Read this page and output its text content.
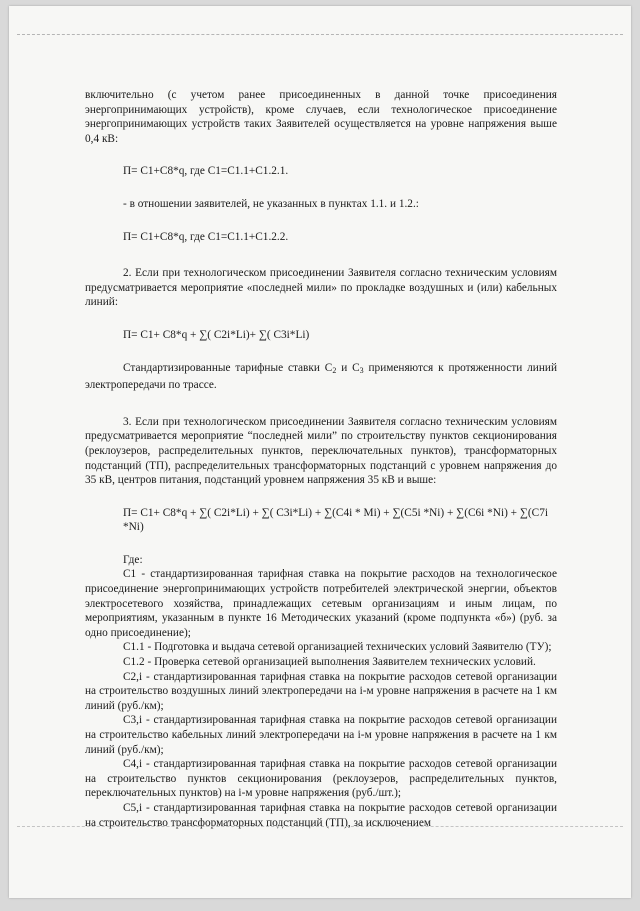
включительно (с учетом ранее присоединенных в данной точке присоединения энергопринимающих устройств), кроме случаев, если технологическое присоединение энергопринимающих устройств таких Заявителей осуществляется на уровне напряжения выше 0,4 кВ:

П= С1+С8*q, где С1=С1.1+С1.2.1.

- в отношении заявителей, не указанных в пунктах 1.1. и 1.2.:

П= С1+С8*q, где С1=С1.1+С1.2.2.

2. Если при технологическом присоединении Заявителя согласно техническим условиям предусматривается мероприятие «последней мили» по прокладке воздушных и (или) кабельных линий:

П= С1+ С8*q + ∑( С2i*Li)+ ∑( С3i*Li)

Стандартизированные тарифные ставки $С_2$ и $С_3$ применяются к протяженности линий электропередачи по трассе.

3. Если при технологическом присоединении Заявителя согласно техническим условиям предусматривается мероприятие “последней мили” по строительству пунктов секционирования (реклоузеров, распределительных пунктов, переключательных пунктов), трансформаторных подстанций (ТП), распределительных трансформаторных подстанций с уровнем напряжения до 35 кВ, центров питания, подстанций уровнем напряжения 35 кВ и выше:

П= С1+ С8*q + ∑( С2i*Li) + ∑( С3i*Li) + ∑(С4i * Mi) + ∑(С5i *Ni) + ∑(С6i *Ni) + ∑(С7i *Ni)

Где:

С1 - стандартизированная тарифная ставка на покрытие расходов на технологическое присоединение энергопринимающих устройств потребителей электрической энергии, объектов электросетевого хозяйства, принадлежащих сетевым организациям и иным лицам, по мероприятиям, указанным в пункте 16 Методических указаний (кроме подпункта «б») (руб. за одно присоединение);

С1.1 - Подготовка и выдача сетевой организацией технических условий Заявителю (ТУ);

С1.2 - Проверка сетевой организацией выполнения Заявителем технических условий.

С2,i - стандартизированная тарифная ставка на покрытие расходов сетевой организации на строительство воздушных линий электропередачи на i-м уровне напряжения в расчете на 1 км линий (руб./км);

С3,i - стандартизированная тарифная ставка на покрытие расходов сетевой организации на строительство кабельных линий электропередачи на i-м уровне напряжения в расчете на 1 км линий (руб./км);

С4,i - стандартизированная тарифная ставка на покрытие расходов сетевой организации на строительство пунктов секционирования (реклоузеров, распределительных пунктов, переключательных пунктов) на i-м уровне напряжения (руб./шт.);

С5,i - стандартизированная тарифная ставка на покрытие расходов сетевой организации на строительство трансформаторных подстанций (ТП), за исключением
